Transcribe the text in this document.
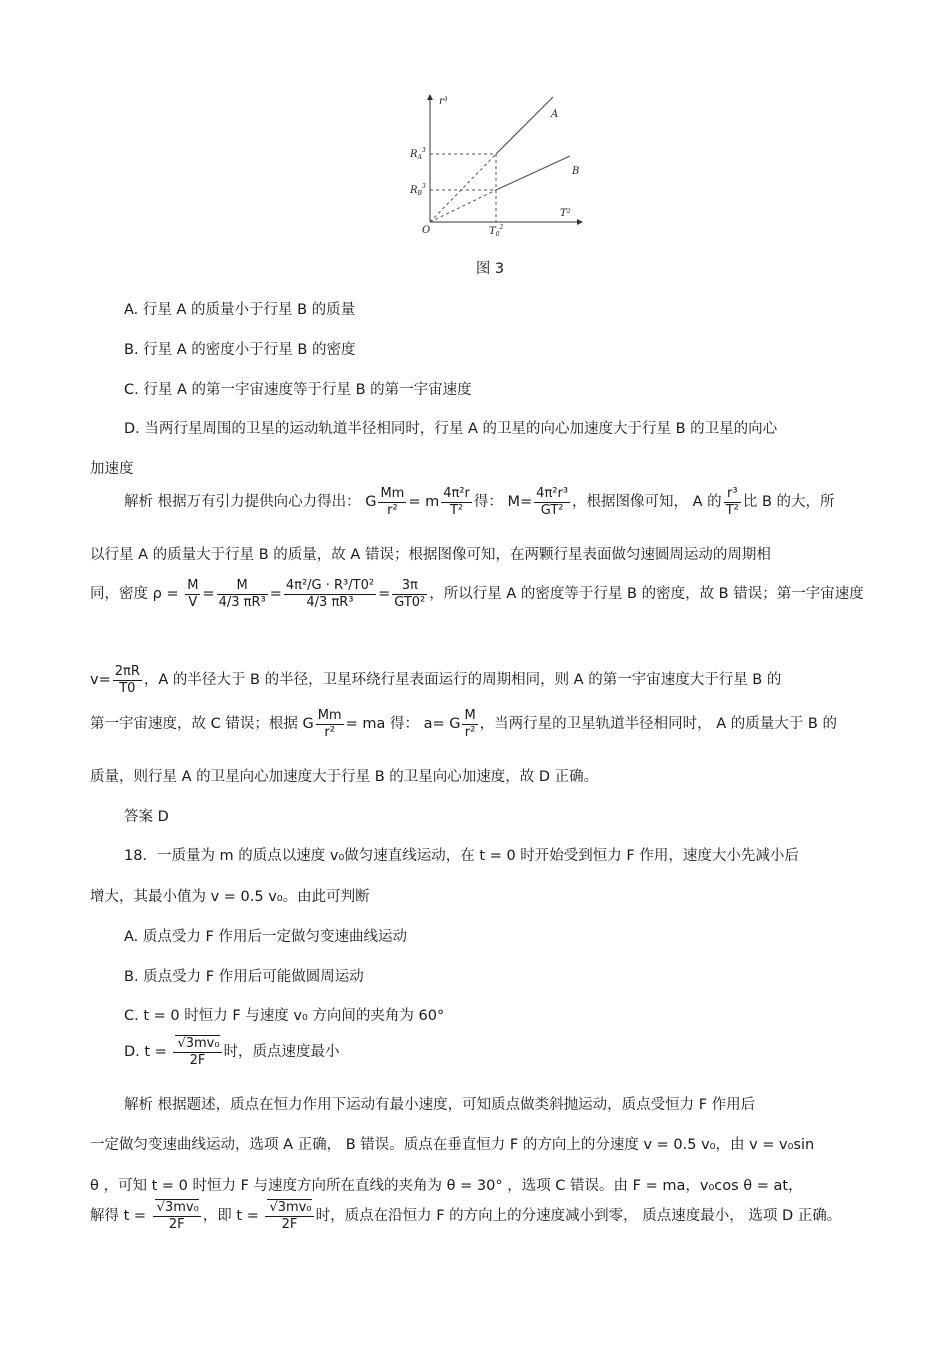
r³
T²
O
A
B
$R_A^3$
$R_B^3$
$T_0^2$
图 3
A. 行星 A 的质量小于行星 B 的质量
B. 行星 A 的密度小于行星 B 的密度
C. 行星 A 的第一宇宙速度等于行星 B 的第一宇宙速度
D. 当两行星周围的卫星的运动轨道半径相同时，行星 A 的卫星的向心加速度大于行星 B 的卫星的向心
加速度
解析 根据万有引力提供向心力得出： G $\frac{Mm}{\text{r²}} = m \frac{\text{4π²r}}{\text{T²}}$ 得： $M= \frac{\text{4π²r³}}{\text{GT²}}$ ，根据图像可知， A 的 $\frac{\text{r³}}{\text{T²}}$ 比 B 的大，所
以行星 A 的质量大于行星 B 的质量，故 A 错误；根据图像可知，在两颗行星表面做匀速圆周运动的周期相
同，密度 $\rho = \frac{M}{V} = \frac{M}{\text{4/3 πR³}} = \frac{\text{4π²/G · R³/T0²}}{\text{4/3 πR³}} = \frac{3\pi}{\text{GT0²}}$ ，所以行星 A 的密度等于行星 B 的密度，故 B 错误；第一宇宙速度
$v= \frac{2\pi R}{T0}$ ，A 的半径大于 B 的半径，卫星环绕行星表面运行的周期相同，则 A 的第一宇宙速度大于行星 B 的
第一宇宙速度，故 C 错误；根据 G $\frac{Mm}{\text{r²}}$ = ma 得： a= G $\frac{M}{\text{r²}}$ ，当两行星的卫星轨道半径相同时， A 的质量大于 B 的
质量，则行星 A 的卫星向心加速度大于行星 B 的卫星向心加速度，故 D 正确。
答案 D
18．一质量为 m 的质点以速度 v₀做匀速直线运动，在 t = 0 时开始受到恒力 F 作用，速度大小先减小后
增大，其最小值为 v = 0.5 v₀。由此可判断
A. 质点受力 F 作用后一定做匀变速曲线运动
B. 质点受力 F 作用后可能做圆周运动
C. t = 0 时恒力 F 与速度 v₀ 方向间的夹角为 60°
D. $t = \frac{\text{√3mv₀}}{2F}$ 时，质点速度最小
解析 根据题述，质点在恒力作用下运动有最小速度，可知质点做类斜抛运动，质点受恒力 F 作用后
一定做匀变速曲线运动，选项 A 正确， B 错误。质点在垂直恒力 F 的方向上的分速度 v = 0.5 v₀，由 v = v₀sin
θ ，可知 t = 0 时恒力 F 与速度方向所在直线的夹角为 θ = 30° ，选项 C 错误。由 F = ma，v₀cos θ = at，
解得 $t = \frac{\text{√3mv₀}}{2F}$ ，即 $t = \frac{\text{√3mv₀}}{2F}$ 时，质点在沿恒力 F 的方向上的分速度减小到零， 质点速度最小， 选项 D 正确。
